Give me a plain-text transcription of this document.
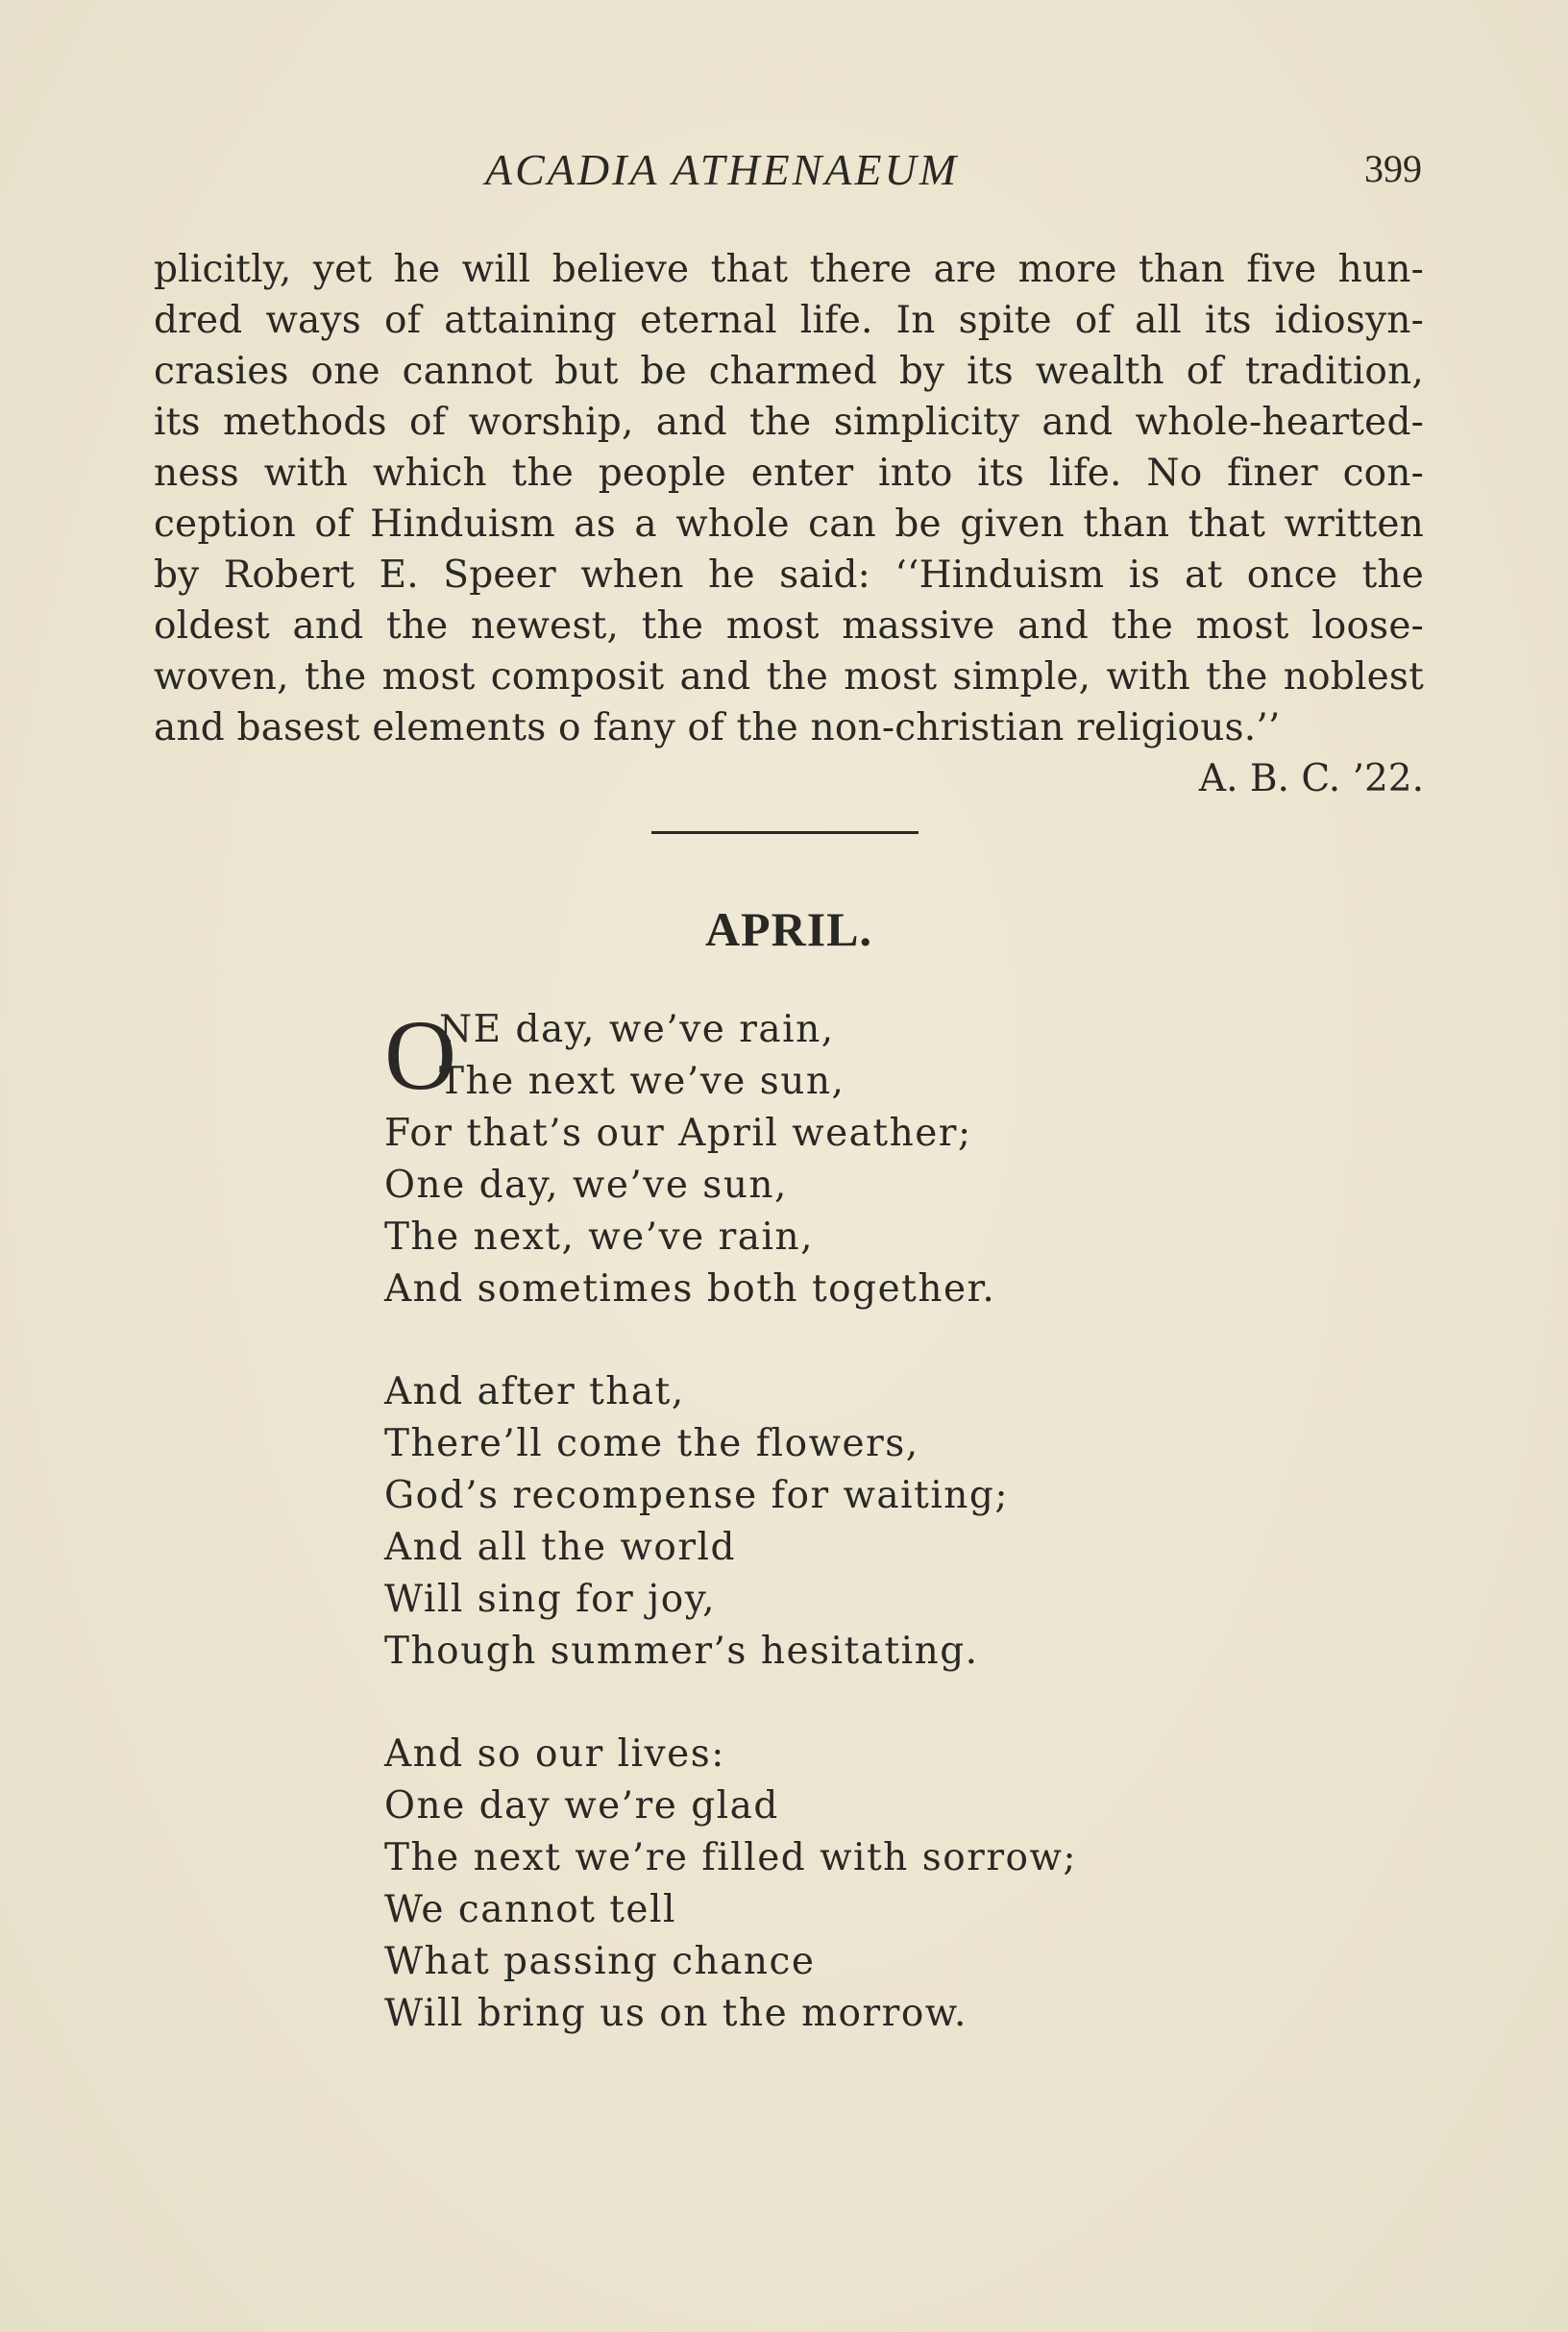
ACADIA ATHENAEUM	399
plicitly, yet he will believe that there are more than five hun-
dred ways of attaining eternal life. In spite of all its idiosyn-
crasies one cannot but be charmed by its wealth of tradition,
its methods of worship, and the simplicity and whole-hearted-
ness with which the people enter into its life. No finer con-
ception of Hinduism as a whole can be given than that written
by Robert E. Speer when he said: ‘‘Hinduism is at once the
oldest and the newest, the most massive and the most loose-
woven, the most composit and the most simple, with the noblest
and basest elements o fany of the non-christian religious.’’
A. B. C. ’22.
APRIL.
O
NE day, we’ve rain,
The next we’ve sun,
For that’s our April weather;
One day, we’ve sun,
The next, we’ve rain,
And sometimes both together.
And after that,
There’ll come the flowers,
God’s recompense for waiting;
And all the world
Will sing for joy,
Though summer’s hesitating.
And so our lives:
One day we’re glad
The next we’re filled with sorrow;
We cannot tell
What passing chance
Will bring us on the morrow.
